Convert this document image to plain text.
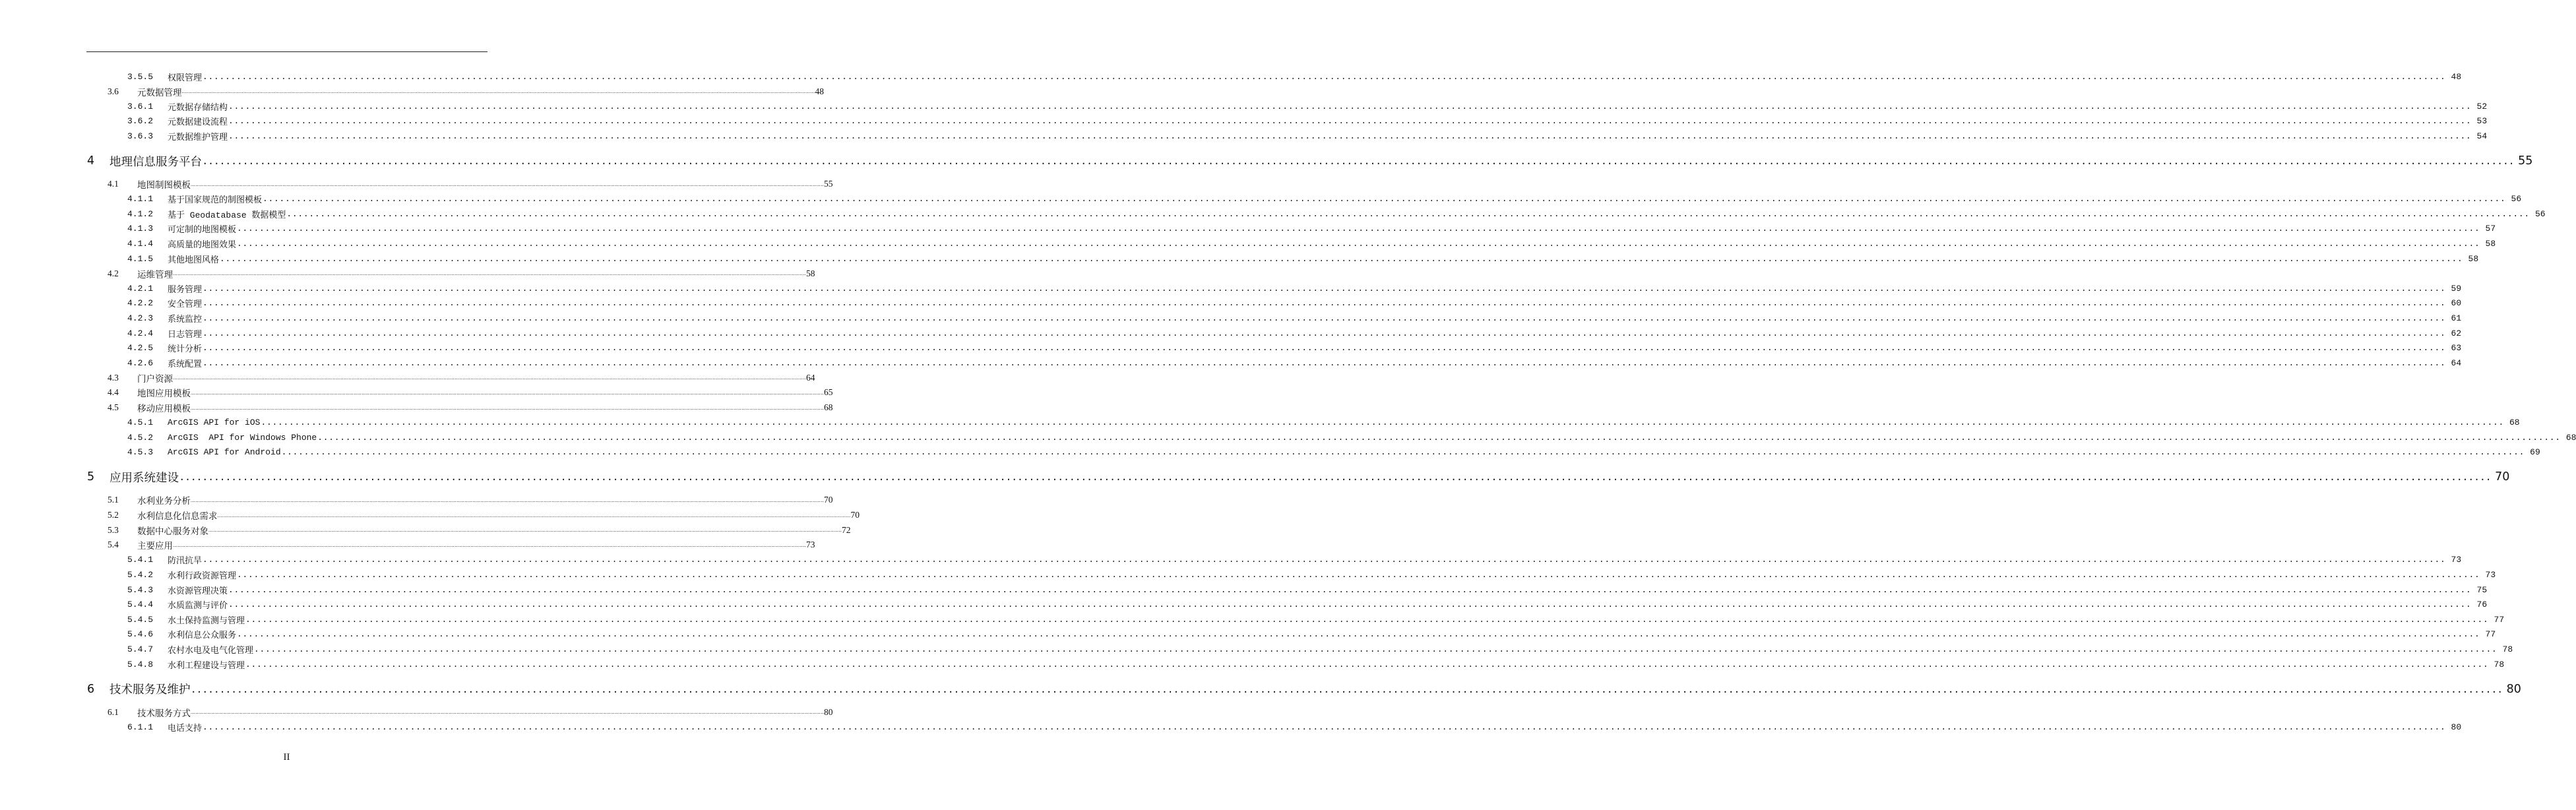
3.5.5	权限管理 ................................................................................................................................................................................................................................................................................................................................................................................................................ 48
3.6	元数据管理 ................................................................................................................................................................................................................................................................................................................................................................................................................ 48
3.6.1	元数据存储结构 ................................................................................................................................................................................................................................................................................................................................................................................................................ 52
3.6.2	元数据建设流程 ................................................................................................................................................................................................................................................................................................................................................................................................................ 53
3.6.3	元数据维护管理 ................................................................................................................................................................................................................................................................................................................................................................................................................ 54
4	地理信息服务平台 ................................................................................................................................................................................................................................................................................................................................................................................................................ 55
4.1	地图制图模板 ................................................................................................................................................................................................................................................................................................................................................................................................................ 55
4.1.1	基于国家规范的制图模板 ................................................................................................................................................................................................................................................................................................................................................................................................................ 56
4.1.2	基于 Geodatabase 数据模型 ................................................................................................................................................................................................................................................................................................................................................................................................................ 56
4.1.3	可定制的地图模板 ................................................................................................................................................................................................................................................................................................................................................................................................................ 57
4.1.4	高质量的地图效果 ................................................................................................................................................................................................................................................................................................................................................................................................................ 58
4.1.5	其他地图风格 ................................................................................................................................................................................................................................................................................................................................................................................................................ 58
4.2	运维管理 ................................................................................................................................................................................................................................................................................................................................................................................................................ 58
4.2.1	服务管理 ................................................................................................................................................................................................................................................................................................................................................................................................................ 59
4.2.2	安全管理 ................................................................................................................................................................................................................................................................................................................................................................................................................ 60
4.2.3	系统监控 ................................................................................................................................................................................................................................................................................................................................................................................................................ 61
4.2.4	日志管理 ................................................................................................................................................................................................................................................................................................................................................................................................................ 62
4.2.5	统计分析 ................................................................................................................................................................................................................................................................................................................................................................................................................ 63
4.2.6	系统配置 ................................................................................................................................................................................................................................................................................................................................................................................................................ 64
4.3	门户资源 ................................................................................................................................................................................................................................................................................................................................................................................................................ 64
4.4	地图应用模板 ................................................................................................................................................................................................................................................................................................................................................................................................................ 65
4.5	移动应用模板 ................................................................................................................................................................................................................................................................................................................................................................................................................ 68
4.5.1	ArcGIS API for iOS ................................................................................................................................................................................................................................................................................................................................................................................................................ 68
4.5.2	ArcGIS  API for Windows Phone ................................................................................................................................................................................................................................................................................................................................................................................................................ 68
4.5.3	ArcGIS API for Android ................................................................................................................................................................................................................................................................................................................................................................................................................ 69
5	应用系统建设 ................................................................................................................................................................................................................................................................................................................................................................................................................ 70
5.1	水利业务分析 ................................................................................................................................................................................................................................................................................................................................................................................................................ 70
5.2	水利信息化信息需求 ................................................................................................................................................................................................................................................................................................................................................................................................................ 70
5.3	数据中心服务对象 ................................................................................................................................................................................................................................................................................................................................................................................................................ 72
5.4	主要应用 ................................................................................................................................................................................................................................................................................................................................................................................................................ 73
5.4.1	防汛抗旱 ................................................................................................................................................................................................................................................................................................................................................................................................................ 73
5.4.2	水利行政资源管理 ................................................................................................................................................................................................................................................................................................................................................................................................................ 73
5.4.3	水资源管理决策 ................................................................................................................................................................................................................................................................................................................................................................................................................ 75
5.4.4	水质监测与评价 ................................................................................................................................................................................................................................................................................................................................................................................................................ 76
5.4.5	水土保持监测与管理 ................................................................................................................................................................................................................................................................................................................................................................................................................ 77
5.4.6	水利信息公众服务 ................................................................................................................................................................................................................................................................................................................................................................................................................ 77
5.4.7	农村水电及电气化管理 ................................................................................................................................................................................................................................................................................................................................................................................................................ 78
5.4.8	水利工程建设与管理 ................................................................................................................................................................................................................................................................................................................................................................................................................ 78
6	技术服务及维护 ................................................................................................................................................................................................................................................................................................................................................................................................................ 80
6.1	技术服务方式 ................................................................................................................................................................................................................................................................................................................................................................................................................ 80
6.1.1	电话支持 ................................................................................................................................................................................................................................................................................................................................................................................................................ 80
II
